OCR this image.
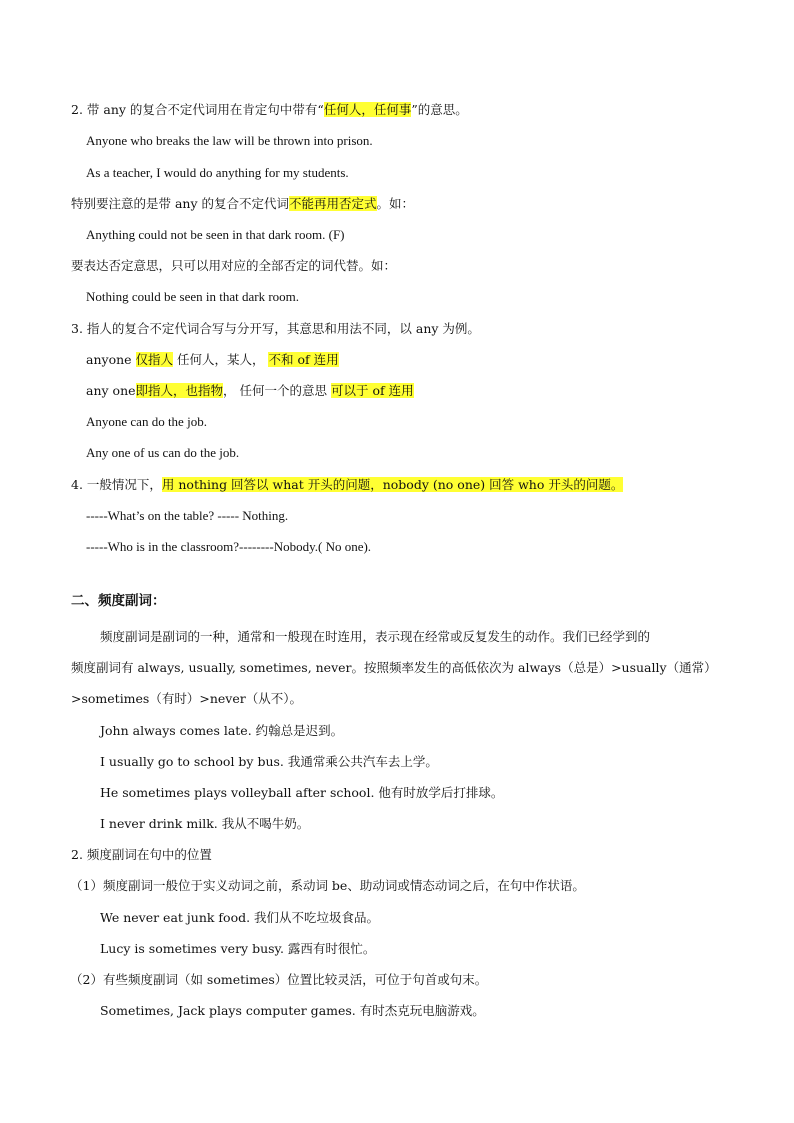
2. 带 any 的复合不定代词用在肯定句中带有“任何人，任何事”的意思。
Anyone who breaks the law will be thrown into prison.
As a teacher, I would do anything for my students.
特别要注意的是带 any 的复合不定代词不能再用否定式。如：
Anything could not be seen in that dark room. (F)
要表达否定意思，只可以用对应的全部否定的词代替。如：
Nothing could be seen in that dark room.
3. 指人的复合不定代词合写与分开写，其意思和用法不同，以 any 为例。
anyone 仅指人 任何人，某人， 不和 of 连用
any one即指人，也指物， 任何一个的意思 可以于 of 连用
Anyone can do the job.
Any one of us can do the job.
4. 一般情况下，用 nothing 回答以 what 开头的问题，nobody (no one) 回答 who 开头的问题。
-----What’s on the table? ----- Nothing.
-----Who is in the classroom?--------Nobody.( No one).
二、频度副词：
频度副词是副词的一种，通常和一般现在时连用，表示现在经常或反复发生的动作。我们已经学到的
频度副词有 always, usually, sometimes, never。按照频率发生的高低依次为 always（总是）>usually（通常）
>sometimes（有时）>never（从不）。
John always comes late. 约翰总是迟到。
I usually go to school by bus. 我通常乘公共汽车去上学。
He sometimes plays volleyball after school. 他有时放学后打排球。
I never drink milk. 我从不喝牛奶。
2. 频度副词在句中的位置
（1）频度副词一般位于实义动词之前，系动词 be、助动词或情态动词之后，在句中作状语。
We never eat junk food. 我们从不吃垃圾食品。
Lucy is sometimes very busy. 露西有时很忙。
（2）有些频度副词（如 sometimes）位置比较灵活，可位于句首或句末。
Sometimes, Jack plays computer games. 有时杰克玩电脑游戏。
